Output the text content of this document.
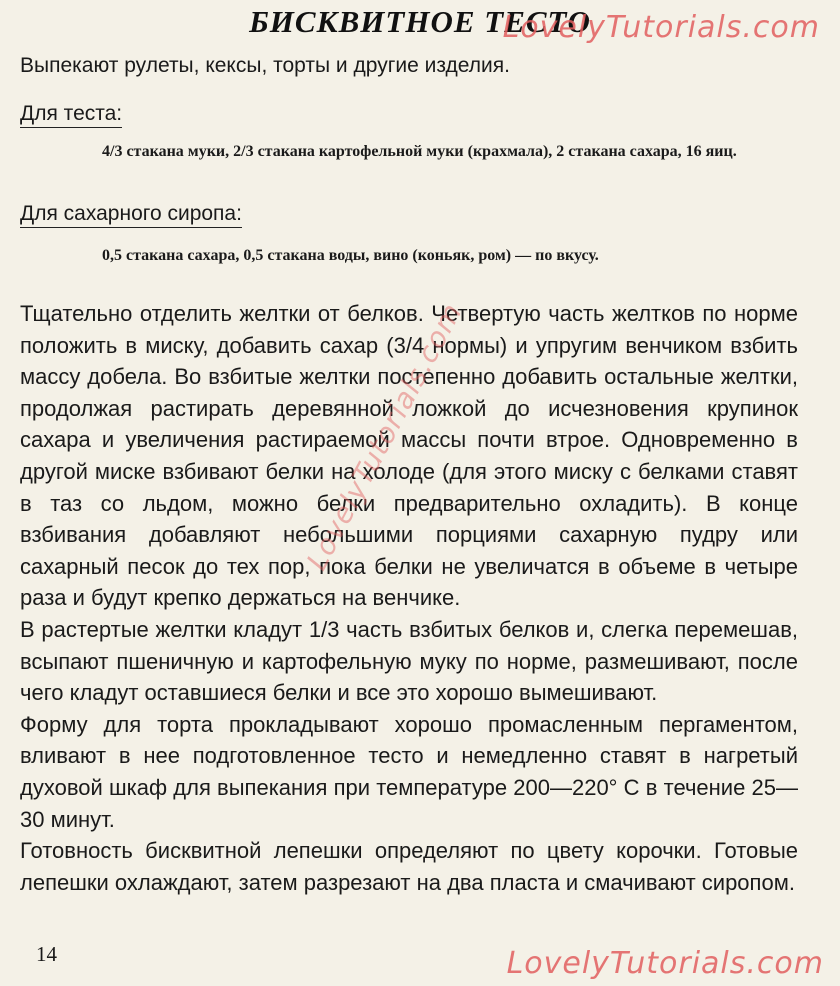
БИСКВИТНОЕ ТЕСТО
LovelyTutorials.com
Выпекают рулеты, кексы, торты и другие изделия.
Для теста:
4/3 стакана муки, 2/3 стакана картофельной муки (крахмала), 2 стакана сахара, 16 яиц.
Для сахарного сиропа:
0,5 стакана сахара, 0,5 стакана воды, вино (коньяк, ром) — по вкусу.

Тщательно отделить желтки от белков. Четвертую часть желтков по норме положить в миску, добавить сахар (3/4 нормы) и упругим венчиком взбить массу добела. Во взбитые желтки постепенно добавить остальные желтки, продолжая растирать деревянной ложкой до исчезновения крупинок сахара и увеличения растираемой массы почти втрое. Одновременно в другой миске взбивают белки на холоде (для этого миску с белками ставят в таз со льдом, можно белки предварительно охладить). В конце взбивания добавляют небольшими порциями сахарную пудру или сахарный песок до тех пор, пока белки не увеличатся в объеме в четыре раза и будут крепко держаться на венчике.

В растертые желтки кладут 1/3 часть взбитых белков и, слегка перемешав, всыпают пшеничную и картофельную муку по норме, размешивают, после чего кладут оставшиеся белки и все это хорошо вымешивают.

Форму для торта прокладывают хорошо промасленным пергаментом, вливают в нее подготовленное тесто и немедленно ставят в нагретый духовой шкаф для выпекания при температуре 200—220° С в течение 25—30 минут.

Готовность бисквитной лепешки определяют по цвету корочки. Готовые лепешки охлаждают, затем разрезают на два пласта и смачивают сиропом.

LovelyTutorials.com
14	LovelyTutorials.com
